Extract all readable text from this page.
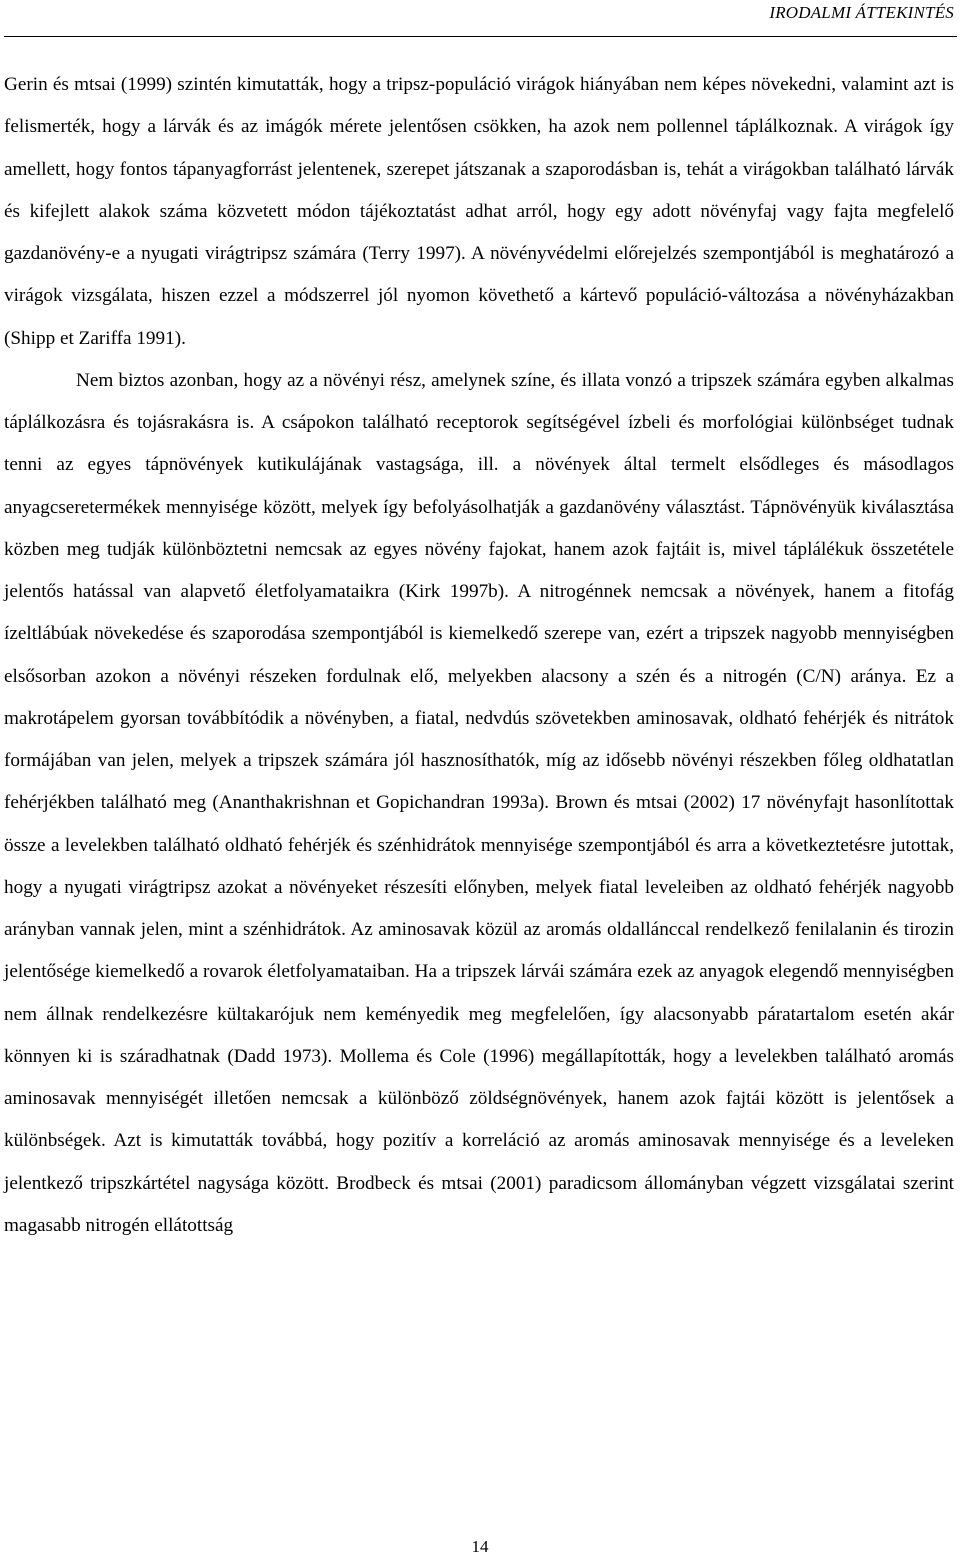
IRODALMI ÁTTEKINTÉS

Gerin és mtsai (1999) szintén kimutatták, hogy a tripsz-populáció virágok hiányában nem képes növekedni, valamint azt is felismerték, hogy a lárvák és az imágók mérete jelentősen csökken, ha azok nem pollennel táplálkoznak. A virágok így amellett, hogy fontos tápanyagforrást jelentenek, szerepet játszanak a szaporodásban is, tehát a virágokban található lárvák és kifejlett alakok száma közvetett módon tájékoztatást adhat arról, hogy egy adott növényfaj vagy fajta megfelelő gazdanövény-e a nyugati virágtripsz számára (Terry 1997). A növényvédelmi előrejelzés szempontjából is meghatározó a virágok vizsgálata, hiszen ezzel a módszerrel jól nyomon követhető a kártevő populáció-változása a növényházakban (Shipp et Zariffa 1991).

Nem biztos azonban, hogy az a növényi rész, amelynek színe, és illata vonzó a tripszek számára egyben alkalmas táplálkozásra és tojásrakásra is. A csápokon található receptorok segítségével ízbeli és morfológiai különbséget tudnak tenni az egyes tápnövények kutikulájának vastagsága, ill. a növények által termelt elsődleges és másodlagos anyagcseretermékek mennyisége között, melyek így befolyásolhatják a gazdanövény választást. Tápnövényük kiválasztása közben meg tudják különböztetni nemcsak az egyes növény fajokat, hanem azok fajtáit is, mivel táplálékuk összetétele jelentős hatással van alapvető életfolyamataikra (Kirk 1997b). A nitrogénnek nemcsak a növények, hanem a fitofág ízeltlábúak növekedése és szaporodása szempontjából is kiemelkedő szerepe van, ezért a tripszek nagyobb mennyiségben elsősorban azokon a növényi részeken fordulnak elő, melyekben alacsony a szén és a nitrogén (C/N) aránya. Ez a makrotápelem gyorsan továbbítódik a növényben, a fiatal, nedvdús szövetekben aminosavak, oldható fehérjék és nitrátok formájában van jelen, melyek a tripszek számára jól hasznosíthatók, míg az idősebb növényi részekben főleg oldhatatlan fehérjékben található meg (Ananthakrishnan et Gopichandran 1993a). Brown és mtsai (2002) 17 növényfajt hasonlítottak össze a levelekben található oldható fehérjék és szénhidrátok mennyisége szempontjából és arra a következtetésre jutottak, hogy a nyugati virágtripsz azokat a növényeket részesíti előnyben, melyek fiatal leveleiben az oldható fehérjék nagyobb arányban vannak jelen, mint a szénhidrátok. Az aminosavak közül az aromás oldallánccal rendelkező fenilalanin és tirozin jelentősége kiemelkedő a rovarok életfolyamataiban. Ha a tripszek lárvái számára ezek az anyagok elegendő mennyiségben nem állnak rendelkezésre kültakarójuk nem keményedik meg megfelelően, így alacsonyabb páratartalom esetén akár könnyen ki is száradhatnak (Dadd 1973). Mollema és Cole (1996) megállapították, hogy a levelekben található aromás aminosavak mennyiségét illetően nemcsak a különböző zöldségnövények, hanem azok fajtái között is jelentősek a különbségek. Azt is kimutatták továbbá, hogy pozitív a korreláció az aromás aminosavak mennyisége és a leveleken jelentkező tripszkártétel nagysága között. Brodbeck és mtsai (2001) paradicsom állományban végzett vizsgálatai szerint magasabb nitrogén ellátottság

14
